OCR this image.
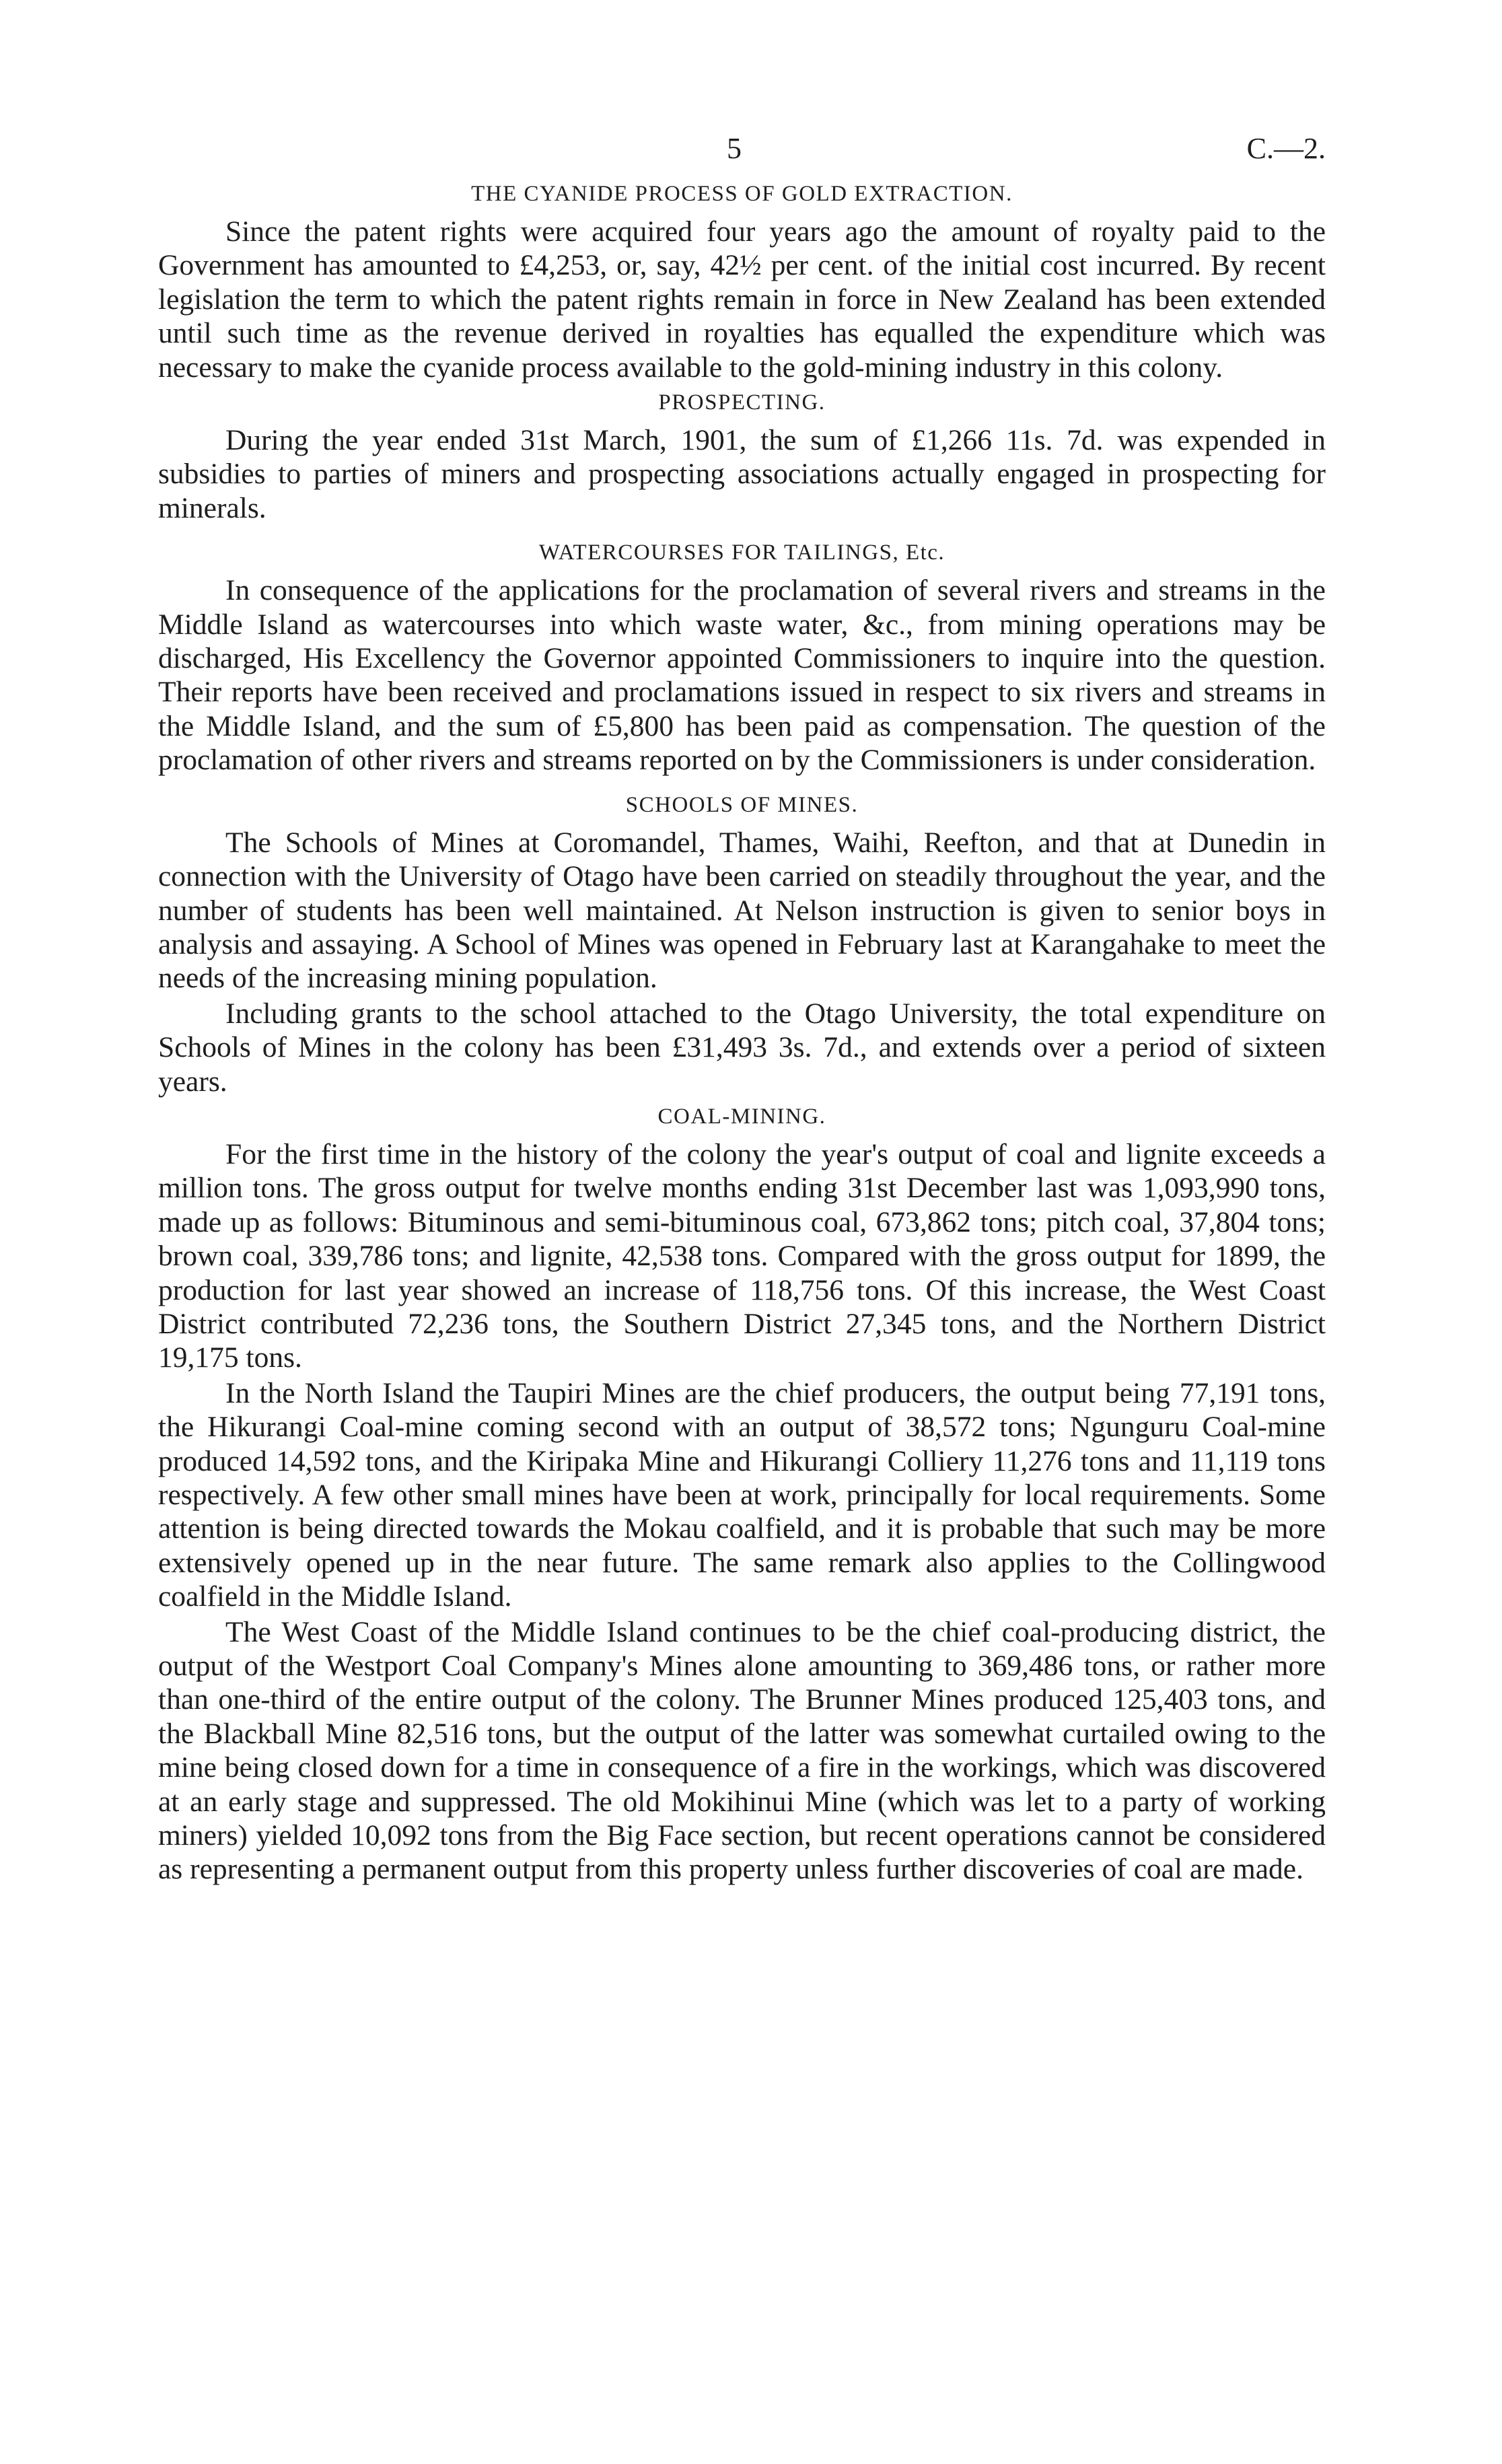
5	C.—2.
THE CYANIDE PROCESS OF GOLD EXTRACTION.

Since the patent rights were acquired four years ago the amount of royalty paid to the Government has amounted to £4,253, or, say, 42½ per cent. of the initial cost incurred. By recent legislation the term to which the patent rights remain in force in New Zealand has been extended until such time as the revenue derived in royalties has equalled the expenditure which was necessary to make the cyanide process available to the gold-mining industry in this colony.

PROSPECTING.

During the year ended 31st March, 1901, the sum of £1,266 11s. 7d. was expended in subsidies to parties of miners and prospecting associations actually engaged in prospecting for minerals.

WATERCOURSES FOR TAILINGS, Etc.

In consequence of the applications for the proclamation of several rivers and streams in the Middle Island as watercourses into which waste water, &c., from mining operations may be discharged, His Excellency the Governor appointed Commissioners to inquire into the question. Their reports have been received and proclamations issued in respect to six rivers and streams in the Middle Island, and the sum of £5,800 has been paid as compensation. The question of the proclamation of other rivers and streams reported on by the Commissioners is under consideration.

SCHOOLS OF MINES.

The Schools of Mines at Coromandel, Thames, Waihi, Reefton, and that at Dunedin in connection with the University of Otago have been carried on steadily throughout the year, and the number of students has been well maintained. At Nelson instruction is given to senior boys in analysis and assaying. A School of Mines was opened in February last at Karangahake to meet the needs of the increasing mining population.

Including grants to the school attached to the Otago University, the total expenditure on Schools of Mines in the colony has been £31,493 3s. 7d., and extends over a period of sixteen years.

COAL-MINING.

For the first time in the history of the colony the year's output of coal and lignite exceeds a million tons. The gross output for twelve months ending 31st December last was 1,093,990 tons, made up as follows: Bituminous and semi-bituminous coal, 673,862 tons; pitch coal, 37,804 tons; brown coal, 339,786 tons; and lignite, 42,538 tons. Compared with the gross output for 1899, the production for last year showed an increase of 118,756 tons. Of this increase, the West Coast District contributed 72,236 tons, the Southern District 27,345 tons, and the Northern District 19,175 tons.

In the North Island the Taupiri Mines are the chief producers, the output being 77,191 tons, the Hikurangi Coal-mine coming second with an output of 38,572 tons; Ngunguru Coal-mine produced 14,592 tons, and the Kiripaka Mine and Hikurangi Colliery 11,276 tons and 11,119 tons respectively. A few other small mines have been at work, principally for local requirements. Some attention is being directed towards the Mokau coalfield, and it is probable that such may be more extensively opened up in the near future. The same remark also applies to the Collingwood coalfield in the Middle Island.

The West Coast of the Middle Island continues to be the chief coal-producing district, the output of the Westport Coal Company's Mines alone amounting to 369,486 tons, or rather more than one-third of the entire output of the colony. The Brunner Mines produced 125,403 tons, and the Blackball Mine 82,516 tons, but the output of the latter was somewhat curtailed owing to the mine being closed down for a time in consequence of a fire in the workings, which was discovered at an early stage and suppressed. The old Mokihinui Mine (which was let to a party of working miners) yielded 10,092 tons from the Big Face section, but recent operations cannot be considered as representing a permanent output from this property unless further discoveries of coal are made.
